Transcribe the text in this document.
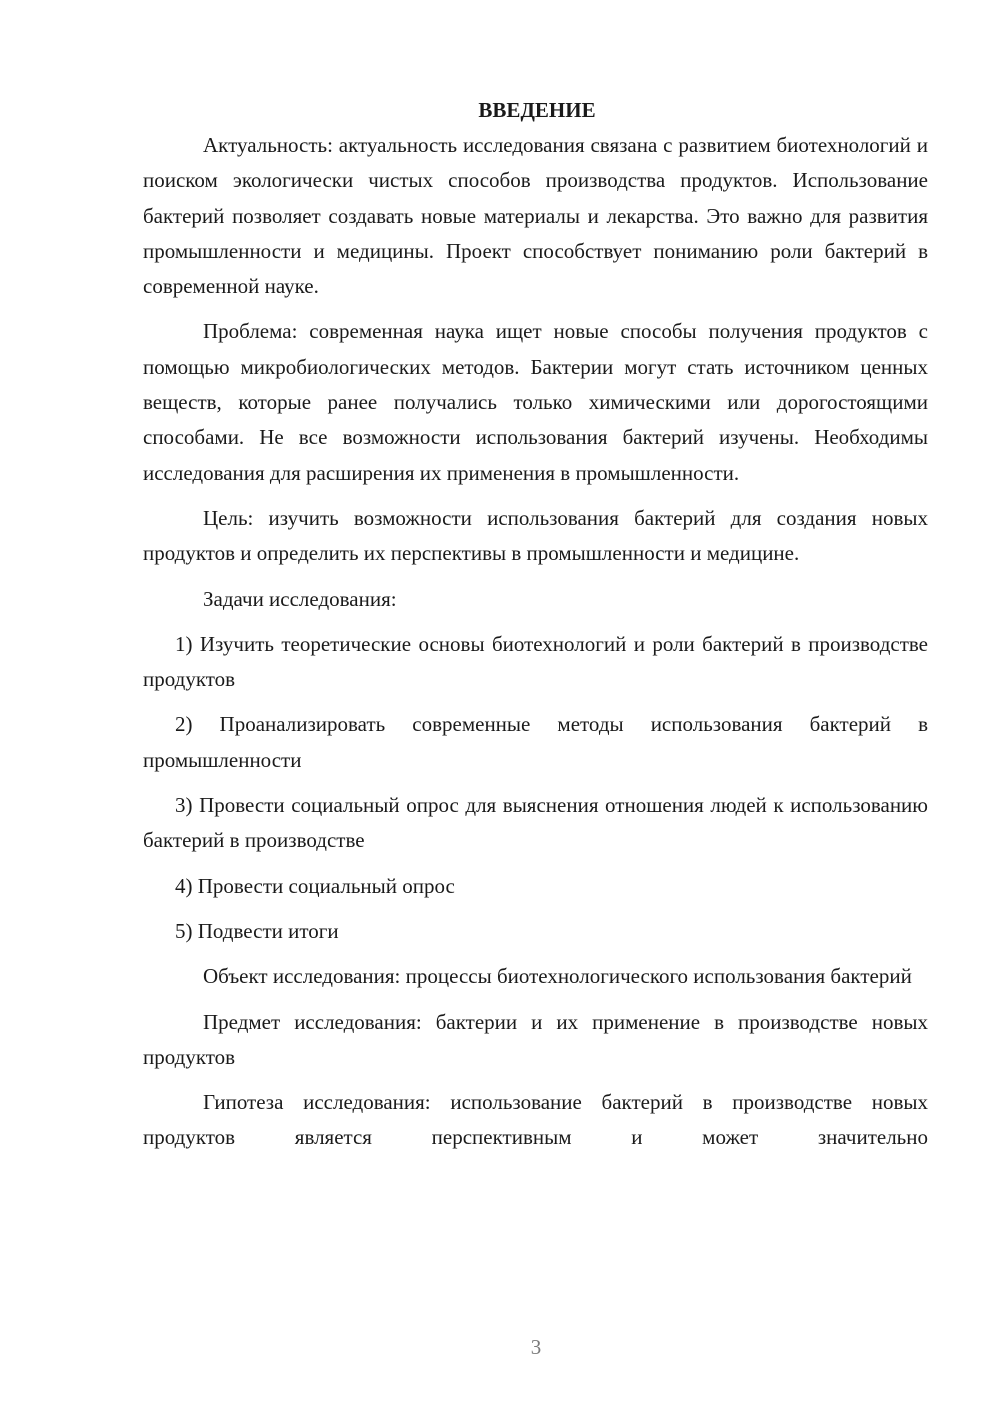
ВВЕДЕНИЕ

Актуальность: актуальность исследования связана с развитием биотехнологий и поиском экологически чистых способов производства продуктов. Использование бактерий позволяет создавать новые материалы и лекарства. Это важно для развития промышленности и медицины. Проект способствует пониманию роли бактерий в современной науке.

Проблема: современная наука ищет новые способы получения продуктов с помощью микробиологических методов. Бактерии могут стать источником ценных веществ, которые ранее получались только химическими или дорогостоящими способами. Не все возможности использования бактерий изучены. Необходимы исследования для расширения их применения в промышленности.

Цель: изучить возможности использования бактерий для создания новых продуктов и определить их перспективы в промышленности и медицине.

Задачи исследования:

1) Изучить теоретические основы биотехнологий и роли бактерий в производстве продуктов

2) Проанализировать современные методы использования бактерий в промышленности

3) Провести социальный опрос для выяснения отношения людей к использованию бактерий в производстве

4) Провести социальный опрос

5) Подвести итоги

Объект исследования: процессы биотехнологического использования бактерий

Предмет исследования: бактерии и их применение в производстве новых продуктов

Гипотеза исследования: использование бактерий в производстве новых продуктов является перспективным и может значительно

3
